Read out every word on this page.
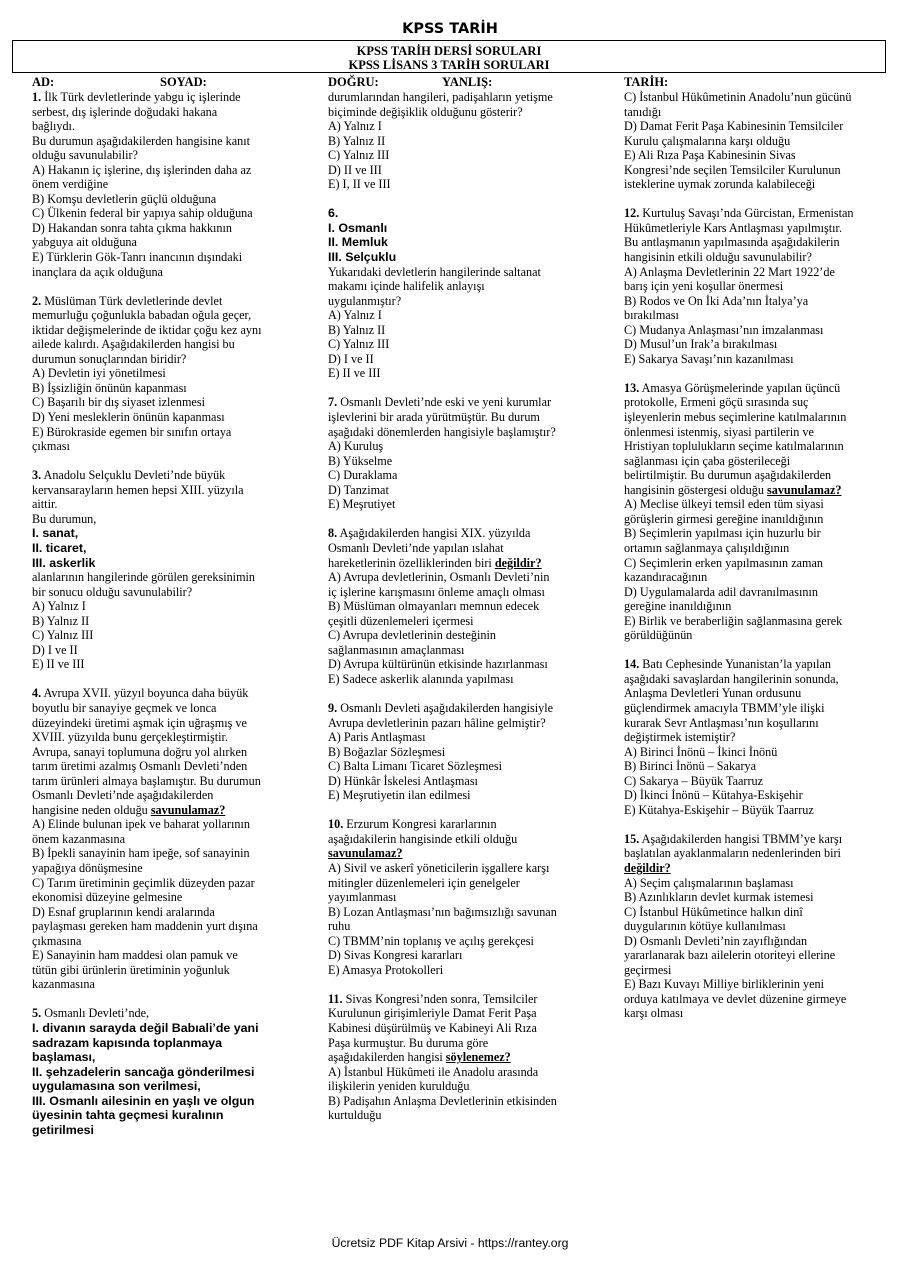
KPSS TARİH
KPSS TARİH DERSİ SORULARI
KPSS LİSANS 3 TARİH SORULARI
AD:	SOYAD:	DOĞRU:	YANLIŞ:	TARİH:
1. İlk Türk devletlerinde yabgu iç işlerinde
serbest, dış işlerinde doğudaki hakana
bağlıydı.
Bu durumun aşağıdakilerden hangisine kanıt
olduğu savunulabilir?
A) Hakanın iç işlerine, dış işlerinden daha az
önem verdiğine
B) Komşu devletlerin güçlü olduğuna
C) Ülkenin federal bir yapıya sahip olduğuna
D) Hakandan sonra tahta çıkma hakkının
yabguya ait olduğuna
E) Türklerin Gök-Tanrı inancının dışındaki
inançlara da açık olduğuna
2. Müslüman Türk devletlerinde devlet
memurluğu çoğunlukla babadan oğula geçer,
iktidar değişmelerinde de iktidar çoğu kez aynı
ailede kalırdı. Aşağıdakilerden hangisi bu
durumun sonuçlarından biridir?
A) Devletin iyi yönetilmesi
B) İşsizliğin önünün kapanması
C) Başarılı bir dış siyaset izlenmesi
D) Yeni mesleklerin önünün kapanması
E) Bürokraside egemen bir sınıfın ortaya
çıkması
3. Anadolu Selçuklu Devleti’nde büyük
kervansarayların hemen hepsi XIII. yüzyıla
aittir.
Bu durumun,
I. sanat,
II. ticaret,
III. askerlik
alanlarının hangilerinde görülen gereksinimin
bir sonucu olduğu savunulabilir?
A) Yalnız I
B) Yalnız II
C) Yalnız III
D) I ve II
E) II ve III
4. Avrupa XVII. yüzyıl boyunca daha büyük
boyutlu bir sanayiye geçmek ve lonca
düzeyindeki üretimi aşmak için uğraşmış ve
XVIII. yüzyılda bunu gerçekleştirmiştir.
Avrupa, sanayi toplumuna doğru yol alırken
tarım üretimi azalmış Osmanlı Devleti’nden
tarım ürünleri almaya başlamıştır. Bu durumun
Osmanlı Devleti’nde aşağıdakilerden
hangisine neden olduğu savunulamaz?
A) Elinde bulunan ipek ve baharat yollarının
önem kazanmasına
B) İpekli sanayinin ham ipeğe, sof sanayinin
yapağıya dönüşmesine
C) Tarım üretiminin geçimlik düzeyden pazar
ekonomisi düzeyine gelmesine
D) Esnaf gruplarının kendi aralarında
paylaşması gereken ham maddenin yurt dışına
çıkmasına
E) Sanayinin ham maddesi olan pamuk ve
tütün gibi ürünlerin üretiminin yoğunluk
kazanmasına
5. Osmanlı Devleti’nde,
I. divanın sarayda değil Babıali’de yani
sadrazam kapısında toplanmaya
başlaması,
II. şehzadelerin sancağa gönderilmesi
uygulamasına son verilmesi,
III. Osmanlı ailesinin en yaşlı ve olgun
üyesinin tahta geçmesi kuralının
getirilmesi
durumlarından hangileri, padişahların yetişme
biçiminde değişiklik olduğunu gösterir?
A) Yalnız I
B) Yalnız II
C) Yalnız III
D) II ve III
E) I, II ve III
6.
I. Osmanlı
II. Memluk
III. Selçuklu
Yukarıdaki devletlerin hangilerinde saltanat
makamı içinde halifelik anlayışı
uygulanmıştır?
A) Yalnız I
B) Yalnız II
C) Yalnız III
D) I ve II
E) II ve III
7. Osmanlı Devleti’nde eski ve yeni kurumlar
işlevlerini bir arada yürütmüştür. Bu durum
aşağıdaki dönemlerden hangisiyle başlamıştır?
A) Kuruluş
B) Yükselme
C) Duraklama
D) Tanzimat
E) Meşrutiyet
8. Aşağıdakilerden hangisi XIX. yüzyılda
Osmanlı Devleti’nde yapılan ıslahat
hareketlerinin özelliklerinden biri değildir?
A) Avrupa devletlerinin, Osmanlı Devleti’nin
iç işlerine karışmasını önleme amaçlı olması
B) Müslüman olmayanları memnun edecek
çeşitli düzenlemeleri içermesi
C) Avrupa devletlerinin desteğinin
sağlanmasının amaçlanması
D) Avrupa kültürünün etkisinde hazırlanması
E) Sadece askerlik alanında yapılması
9. Osmanlı Devleti aşağıdakilerden hangisiyle
Avrupa devletlerinin pazarı hâline gelmiştir?
A) Paris Antlaşması
B) Boğazlar Sözleşmesi
C) Balta Limanı Ticaret Sözleşmesi
D) Hünkâr İskelesi Antlaşması
E) Meşrutiyetin ilan edilmesi
10. Erzurum Kongresi kararlarının
aşağıdakilerin hangisinde etkili olduğu
savunulamaz?
A) Sivil ve askerî yöneticilerin işgallere karşı
mitingler düzenlemeleri için genelgeler
yayımlanması
B) Lozan Antlaşması’nın bağımsızlığı savunan
ruhu
C) TBMM’nin toplanış ve açılış gerekçesi
D) Sivas Kongresi kararları
E) Amasya Protokolleri
11. Sivas Kongresi’nden sonra, Temsilciler
Kurulunun girişimleriyle Damat Ferit Paşa
Kabinesi düşürülmüş ve Kabineyi Ali Rıza
Paşa kurmuştur. Bu duruma göre
aşağıdakilerden hangisi söylenemez?
A) İstanbul Hükûmeti ile Anadolu arasında
ilişkilerin yeniden kurulduğu
B) Padişahın Anlaşma Devletlerinin etkisinden
kurtulduğu
C) İstanbul Hükûmetinin Anadolu’nun gücünü
tanıdığı
D) Damat Ferit Paşa Kabinesinin Temsilciler
Kurulu çalışmalarına karşı olduğu
E) Ali Rıza Paşa Kabinesinin Sivas
Kongresi’nde seçilen Temsilciler Kurulunun
isteklerine uymak zorunda kalabileceği
12. Kurtuluş Savaşı’nda Gürcistan, Ermenistan
Hükûmetleriyle Kars Antlaşması yapılmıştır.
Bu antlaşmanın yapılmasında aşağıdakilerin
hangisinin etkili olduğu savunulabilir?
A) Anlaşma Devletlerinin 22 Mart 1922’de
barış için yeni koşullar önermesi
B) Rodos ve On İki Ada’nın İtalya’ya
bırakılması
C) Mudanya Anlaşması’nın imzalanması
D) Musul’un Irak’a bırakılması
E) Sakarya Savaşı’nın kazanılması
13. Amasya Görüşmelerinde yapılan üçüncü
protokolle, Ermeni göçü sırasında suç
işleyenlerin mebus seçimlerine katılmalarının
önlenmesi istenmiş, siyasi partilerin ve
Hristiyan toplulukların seçime katılmalarının
sağlanması için çaba gösterileceği
belirtilmiştir. Bu durumun aşağıdakilerden
hangisinin göstergesi olduğu savunulamaz?
A) Meclise ülkeyi temsil eden tüm siyasi
görüşlerin girmesi gereğine inanıldığının
B) Seçimlerin yapılması için huzurlu bir
ortamın sağlanmaya çalışıldığının
C) Seçimlerin erken yapılmasının zaman
kazandıracağının
D) Uygulamalarda adil davranılmasının
gereğine inanıldığının
E) Birlik ve beraberliğin sağlanmasına gerek
görüldüğünün
14. Batı Cephesinde Yunanistan’la yapılan
aşağıdaki savaşlardan hangilerinin sonunda,
Anlaşma Devletleri Yunan ordusunu
güçlendirmek amacıyla TBMM’yle ilişki
kurarak Sevr Antlaşması’nın koşullarını
değiştirmek istemiştir?
A) Birinci İnönü – İkinci İnönü
B) Birinci İnönü – Sakarya
C) Sakarya – Büyük Taarruz
D) İkinci İnönü – Kütahya-Eskişehir
E) Kütahya-Eskişehir – Büyük Taarruz
15. Aşağıdakilerden hangisi TBMM’ye karşı
başlatılan ayaklanmaların nedenlerinden biri
değildir?
A) Seçim çalışmalarının başlaması
B) Azınlıkların devlet kurmak istemesi
C) İstanbul Hükûmetince halkın dinî
duygularının kötüye kullanılması
D) Osmanlı Devleti’nin zayıflığından
yararlanarak bazı ailelerin otoriteyi ellerine
geçirmesi
E) Bazı Kuvayı Milliye birliklerinin yeni
orduya katılmaya ve devlet düzenine girmeye
karşı olması
Ücretsiz PDF Kitap Arsivi - https://rantey.org
